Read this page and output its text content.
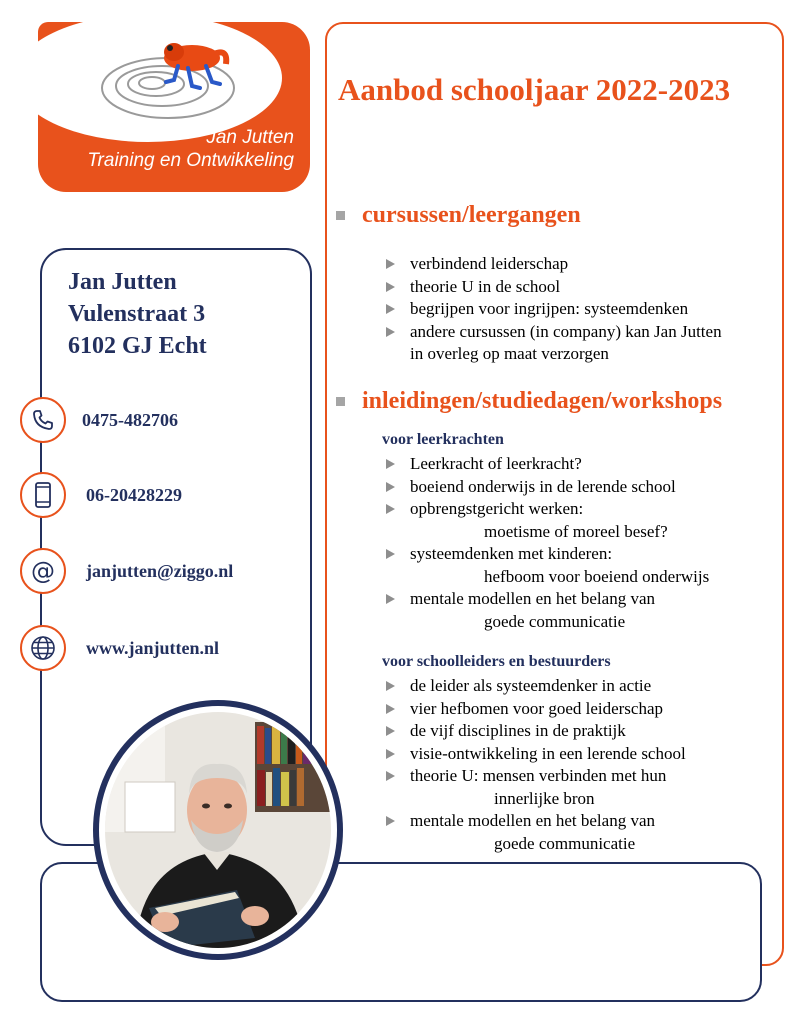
Jan Jutten
Training en Ontwikkeling
Jan Jutten
Vulenstraat 3
6102 GJ Echt
0475-482706
06-20428229
@	janjutten@ziggo.nl
www.janjutten.nl
Aanbod schooljaar 2022-2023
cursussen/leergangen
verbindend leiderschap
theorie U in de school
begrijpen voor ingrijpen: systeemdenken
andere cursussen (in company) kan Jan Jutten
in overleg op maat verzorgen
inleidingen/studiedagen/workshops
voor leerkrachten
Leerkracht of leerkracht?
boeiend onderwijs in de lerende school
opbrengstgericht werken:
moetisme of moreel besef?
systeemdenken met kinderen:
hefboom voor boeiend onderwijs
mentale modellen en het belang van
goede communicatie
voor schoolleiders en bestuurders
de leider als systeemdenker in actie
vier hefbomen voor goed leiderschap
de vijf disciplines in de praktijk
visie-ontwikkeling in een lerende school
theorie U: mensen verbinden met hun
innerlijke bron
mentale modellen en het belang van
goede communicatie
